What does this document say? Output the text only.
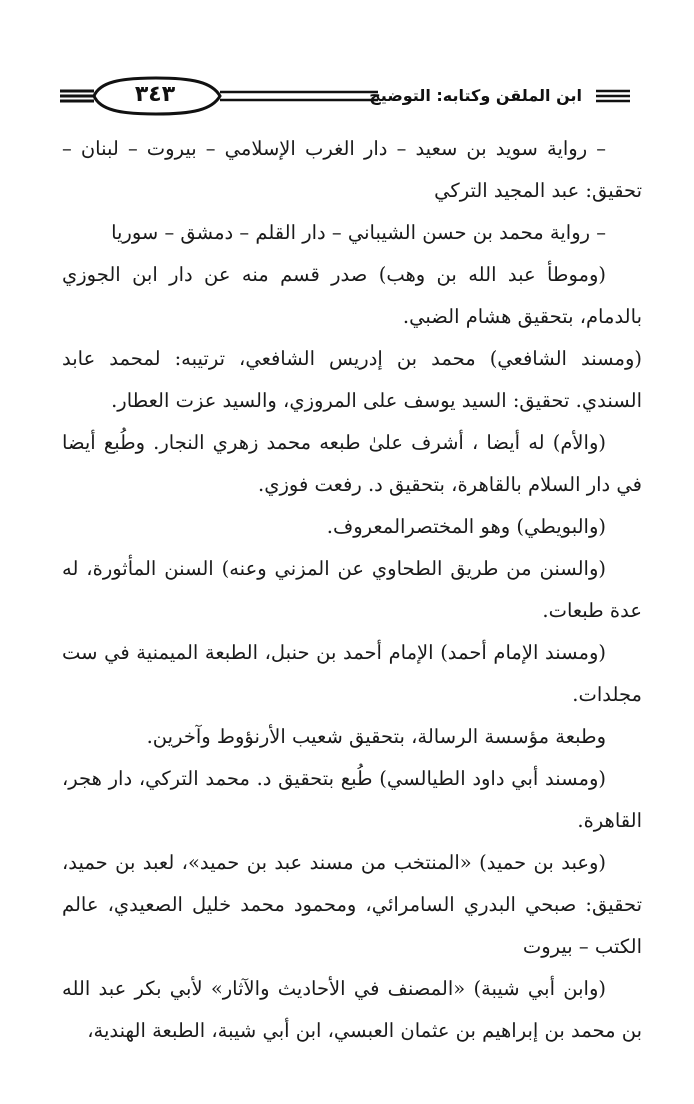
٣٤٣	ابن الملقن وكتابه: التوضيح

– رواية سويد بن سعيد – دار الغرب الإسلامي – بيروت – لبنان – تحقيق: عبد المجيد التركي

– رواية محمد بن حسن الشيباني – دار القلم – دمشق – سوريا

(وموطأ عبد الله بن وهب) صدر قسم منه عن دار ابن الجوزي بالدمام، بتحقيق هشام الضبي.

(ومسند الشافعي) محمد بن إدريس الشافعي، ترتيبه: لمحمد عابد السندي. تحقيق: السيد يوسف على المروزي، والسيد عزت العطار.

(والأم) له أيضا ، أشرف علىٰ طبعه محمد زهري النجار. وطُبع أيضا في دار السلام بالقاهرة، بتحقيق د. رفعت فوزي.

(والبويطي) وهو المختصرالمعروف.

(والسنن من طريق الطحاوي عن المزني وعنه) السنن المأثورة، له عدة طبعات.

(ومسند الإمام أحمد) الإمام أحمد بن حنبل، الطبعة الميمنية في ست مجلدات.

وطبعة مؤسسة الرسالة، بتحقيق شعيب الأرنؤوط وآخرين.

(ومسند أبي داود الطيالسي) طُبع بتحقيق د. محمد التركي، دار هجر، القاهرة.

(وعبد بن حميد) «المنتخب من مسند عبد بن حميد»، لعبد بن حميد، تحقيق: صبحي البدري السامرائي، ومحمود محمد خليل الصعيدي، عالم الكتب – بيروت

(وابن أبي شيبة) «المصنف في الأحاديث والآثار» لأبي بكر عبد الله بن محمد بن إبراهيم بن عثمان العبسي، ابن أبي شيبة، الطبعة الهندية،
